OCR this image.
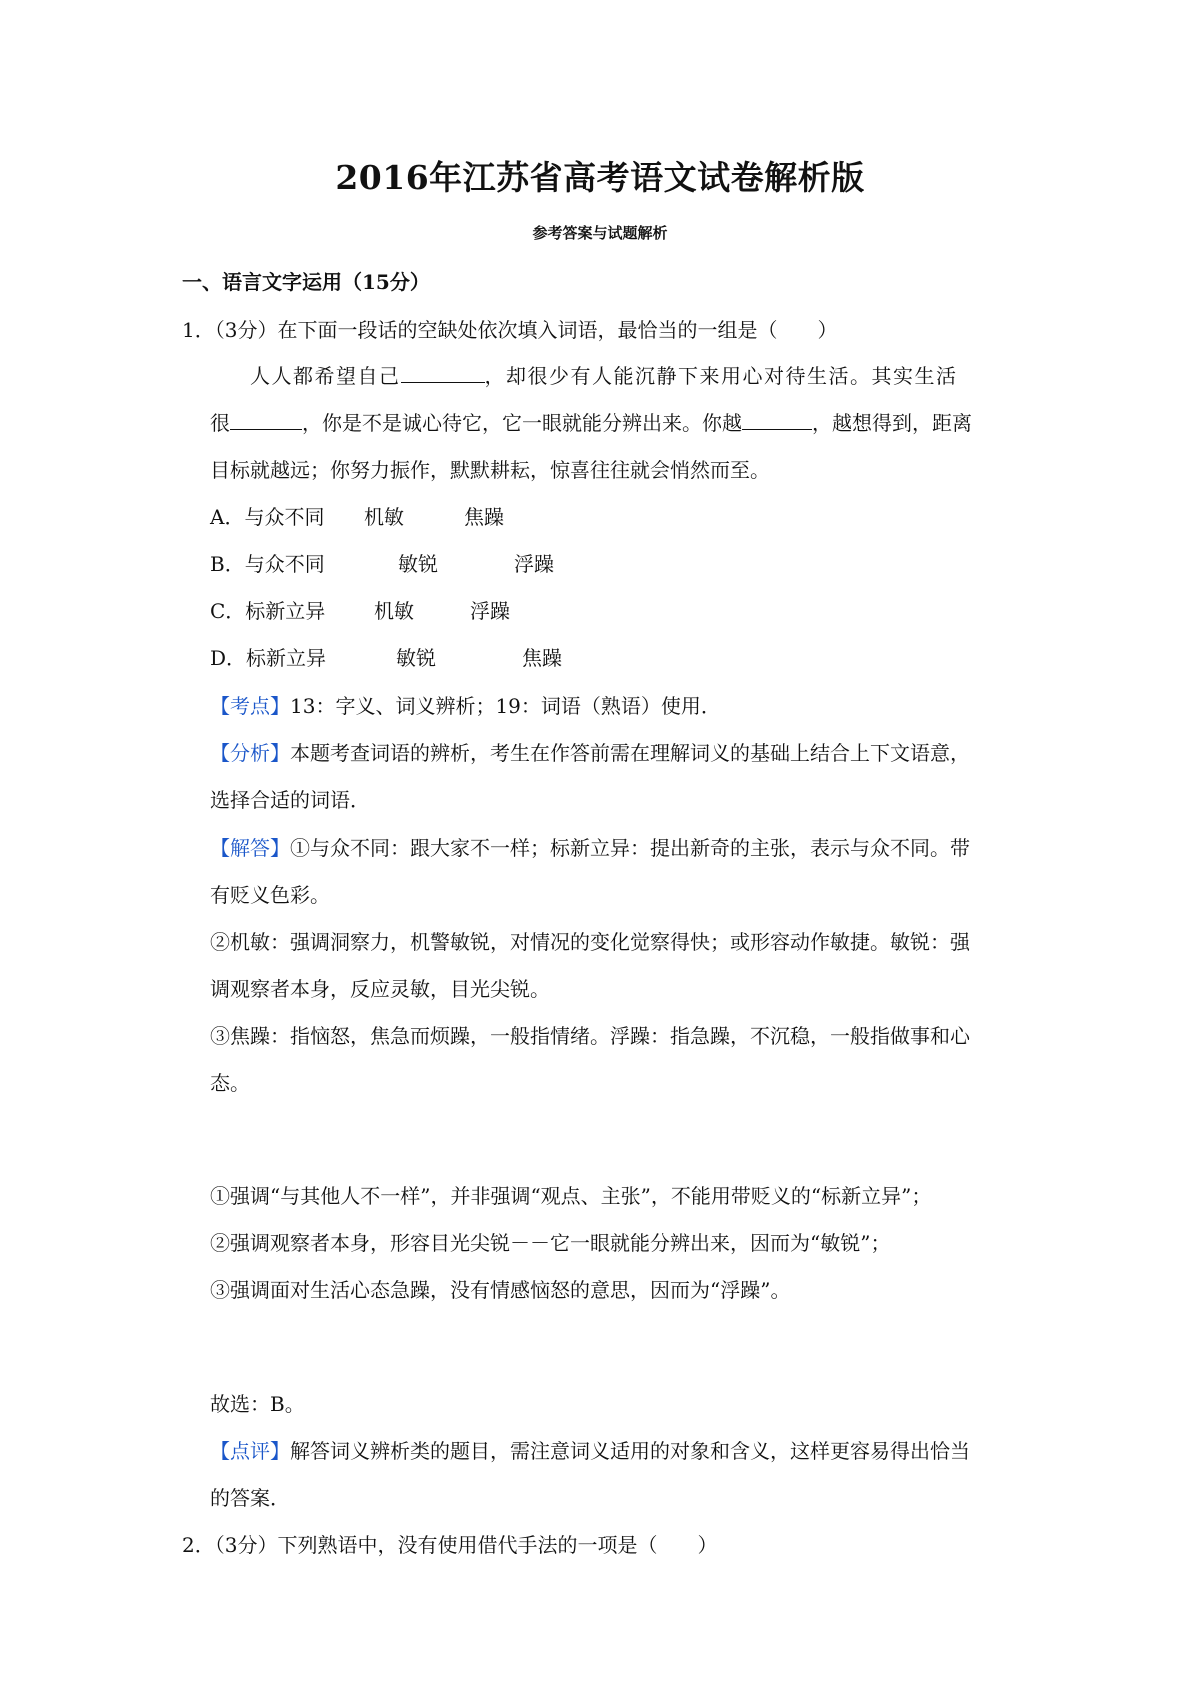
2016年江苏省高考语文试卷解析版
参考答案与试题解析
一、语言文字运用（15分）
1．（3分）在下面一段话的空缺处依次填入词语，最恰当的一组是（　　）
人人都希望自己	，却很少有人能沉静下来用心对待生活。其实生活
很	，你是不是诚心待它，它一眼就能分辨出来。你越	，越想得到，距离
目标就越远；你努力振作，默默耕耘，惊喜往往就会悄然而至。
A．与众不同 机敏	焦躁
B．与众不同	敏锐	浮躁
C．标新立异 机敏	浮躁
D．标新立异	敏锐	焦躁
【考点】13：字义、词义辨析；19：词语（熟语）使用．
【分析】本题考查词语的辨析，考生在作答前需在理解词义的基础上结合上下文语意，
选择合适的词语．
【解答】①与众不同：跟大家不一样；标新立异：提出新奇的主张，表示与众不同。带
有贬义色彩。
②机敏：强调洞察力，机警敏锐，对情况的变化觉察得快；或形容动作敏捷。敏锐：强
调观察者本身，反应灵敏，目光尖锐。
③焦躁：指恼怒，焦急而烦躁，一般指情绪。浮躁：指急躁，不沉稳，一般指做事和心
态。
①强调“与其他人不一样”，并非强调“观点、主张”，不能用带贬义的“标新立异”；
②强调观察者本身，形容目光尖锐－－它一眼就能分辨出来，因而为“敏锐”；
③强调面对生活心态急躁，没有情感恼怒的意思，因而为“浮躁”。
故选：B。
【点评】解答词义辨析类的题目，需注意词义适用的对象和含义，这样更容易得出恰当
的答案．
2．（3分）下列熟语中，没有使用借代手法的一项是（　　）
